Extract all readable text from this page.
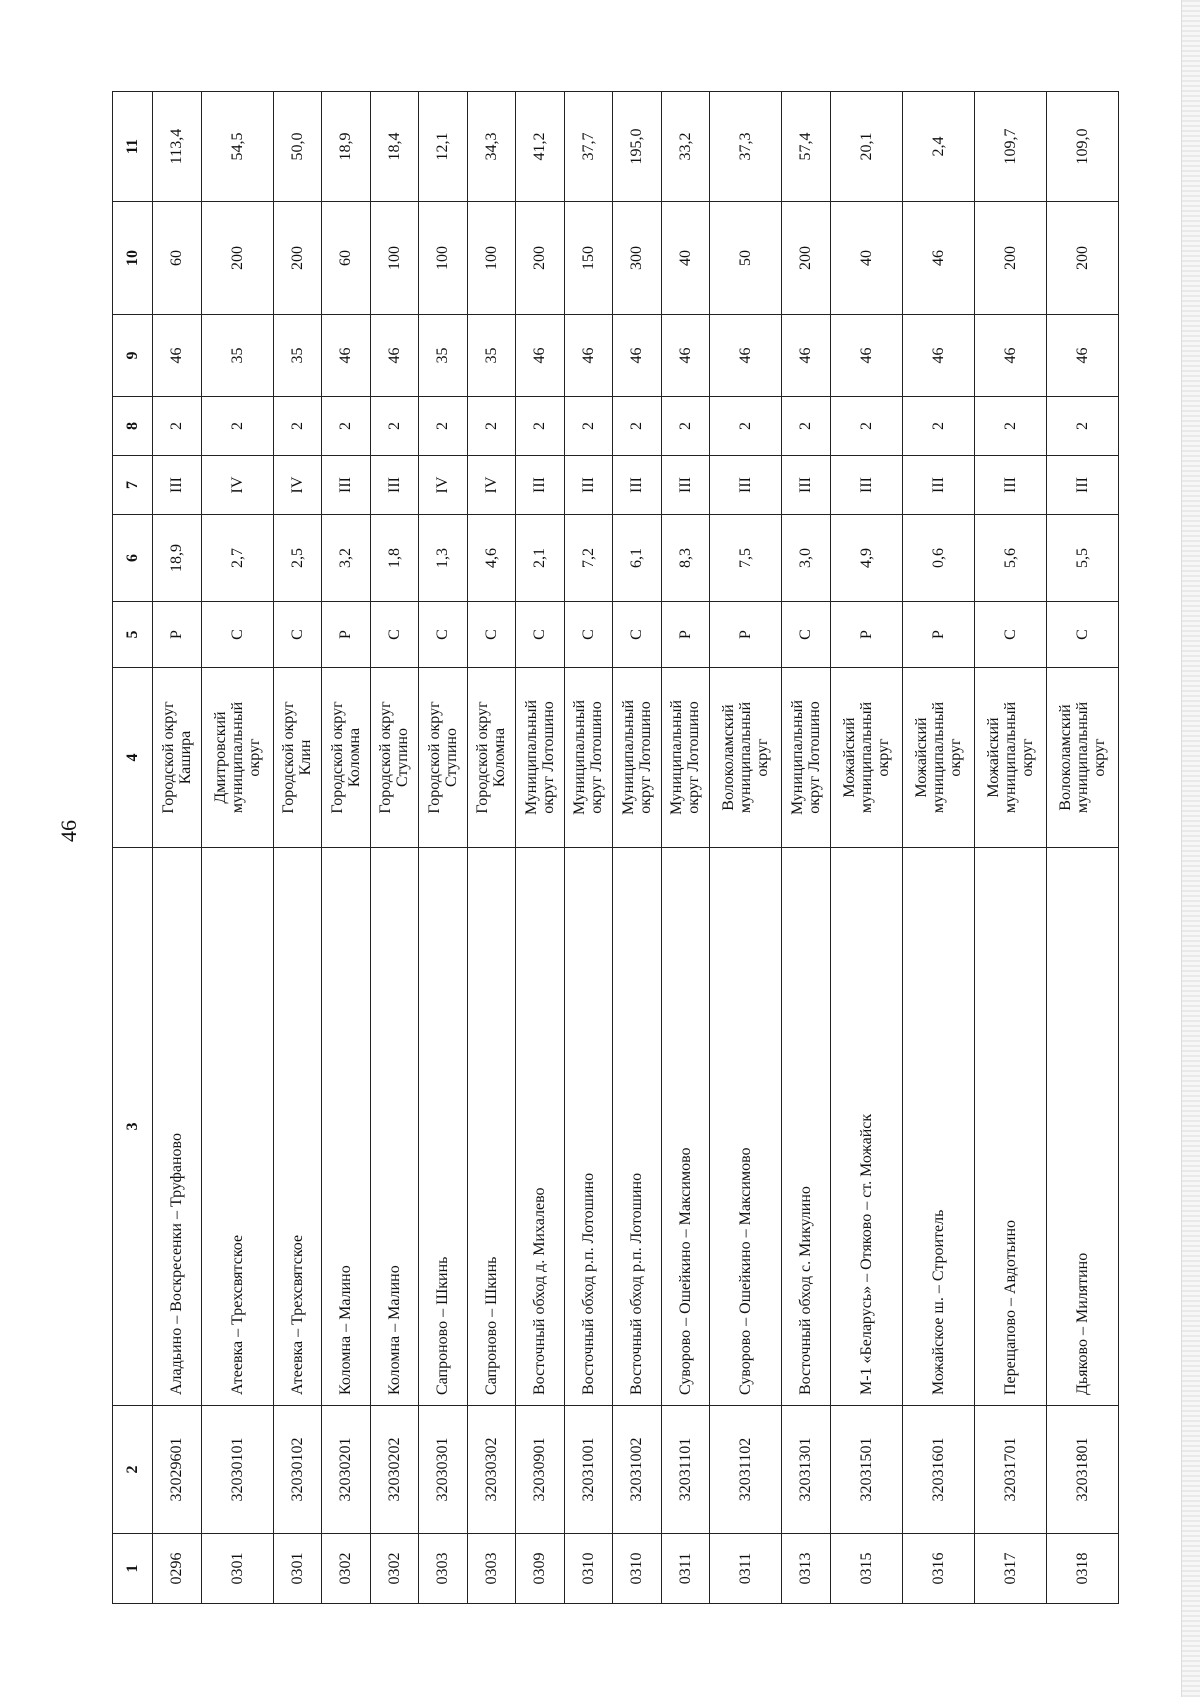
46
1	2	3	4	5	6	7	8	9	10	11
0296	32029601	Аладьино – Воскресенки – Труфаново	Городской округ
Кашира	Р	18,9	III	2	46	60	113,4
0301	32030101	Атеевка – Трехсвятское	Дмитровский
муниципальный
округ	С	2,7	IV	2	35	200	54,5
0301	32030102	Атеевка – Трехсвятское	Городской округ
Клин	С	2,5	IV	2	35	200	50,0
0302	32030201	Коломна – Малино	Городской округ
Коломна	Р	3,2	III	2	46	60	18,9
0302	32030202	Коломна – Малино	Городской округ
Ступино	С	1,8	III	2	46	100	18,4
0303	32030301	Сапроново – Шкинь	Городской округ
Ступино	С	1,3	IV	2	35	100	12,1
0303	32030302	Сапроново – Шкинь	Городской округ
Коломна	С	4,6	IV	2	35	100	34,3
0309	32030901	Восточный обход д. Михалево	Муниципальный
округ Лотошино	С	2,1	III	2	46	200	41,2
0310	32031001	Восточный обход р.п. Лотошино	Муниципальный
округ Лотошино	С	7,2	III	2	46	150	37,7
0310	32031002	Восточный обход р.п. Лотошино	Муниципальный
округ Лотошино	С	6,1	III	2	46	300	195,0
0311	32031101	Суворово – Ошейкино – Максимово	Муниципальный
округ Лотошино	Р	8,3	III	2	46	40	33,2
0311	32031102	Суворово – Ошейкино – Максимово	Волоколамский
муниципальный
округ	Р	7,5	III	2	46	50	37,3
0313	32031301	Восточный обход с. Микулино	Муниципальный
округ Лотошино	С	3,0	III	2	46	200	57,4
0315	32031501	М-1 «Беларусь» – Отяково – ст. Можайск	Можайский
муниципальный
округ	Р	4,9	III	2	46	40	20,1
0316	32031601	Можайское ш. – Строитель	Можайский
муниципальный
округ	Р	0,6	III	2	46	46	2,4
0317	32031701	Перещапово – Авдотьино	Можайский
муниципальный
округ	С	5,6	III	2	46	200	109,7
0318	32031801	Дьяково – Милятино	Волоколамский
муниципальный
округ	С	5,5	III	2	46	200	109,0
